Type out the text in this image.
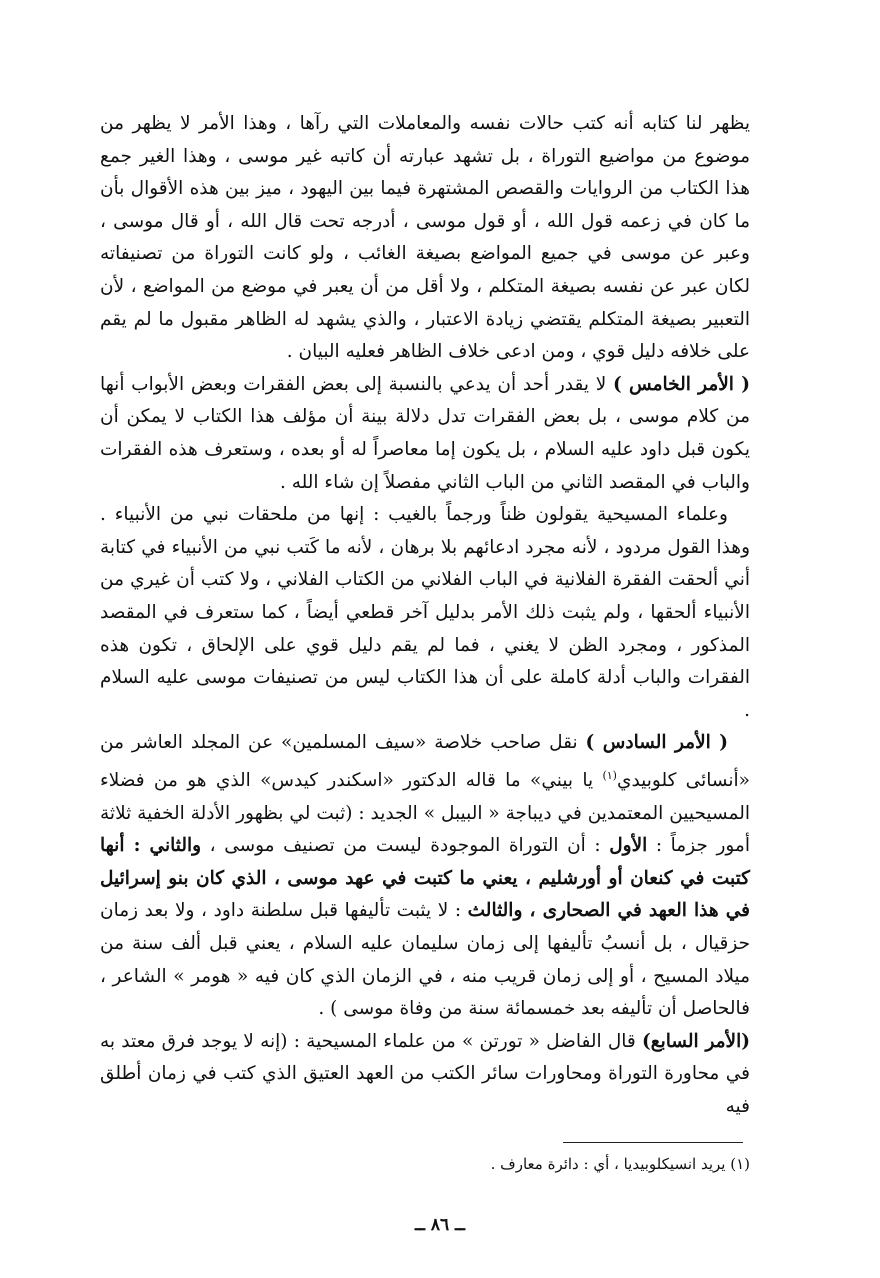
يظهر لنا كتابه أنه كتب حالات نفسه والمعاملات التي رآها ، وهذا الأمر لا يظهر من موضوع من مواضيع التوراة ، بل تشهد عبارته أن كاتبه غير موسى ، وهذا الغير جمع هذا الكتاب من الروايات والقصص المشتهرة فيما بين اليهود ، ميز بين هذه الأقوال بأن ما كان في زعمه قول الله ، أو قول موسى ، أدرجه تحت قال الله ، أو قال موسى ، وعبر عن موسى في جميع المواضع بصيغة الغائب ، ولو كانت التوراة من تصنيفاته لكان عبر عن نفسه بصيغة المتكلم ، ولا أقل من أن يعبر في موضع من المواضع ، لأن التعبير بصيغة المتكلم يقتضي زيادة الاعتبار ، والذي يشهد له الظاهر مقبول ما لم يقم على خلافه دليل قوي ، ومن ادعى خلاف الظاهر فعليه البيان .

( الأمر الخامس ) لا يقدر أحد أن يدعي بالنسبة إلى بعض الفقرات وبعض الأبواب أنها من كلام موسى ، بل بعض الفقرات تدل دلالة بينة أن مؤلف هذا الكتاب لا يمكن أن يكون قبل داود عليه السلام ، بل يكون إما معاصراً له أو بعده ، وستعرف هذه الفقرات والباب في المقصد الثاني من الباب الثاني مفصلاً إن شاء الله .

وعلماء المسيحية يقولون ظناً ورجماً بالغيب : إنها من ملحقات نبي من الأنبياء . وهذا القول مردود ، لأنه مجرد ادعائهم بلا برهان ، لأنه ما كَتب نبي من الأنبياء في كتابة أني ألحقت الفقرة الفلانية في الباب الفلاني من الكتاب الفلاني ، ولا كتب أن غيري من الأنبياء ألحقها ، ولم يثبت ذلك الأمر بدليل آخر قطعي أيضاً ، كما ستعرف في المقصد المذكور ، ومجرد الظن لا يغني ، فما لم يقم دليل قوي على الإلحاق ، تكون هذه الفقرات والباب أدلة كاملة على أن هذا الكتاب ليس من تصنيفات موسى عليه السلام .

( الأمر السادس ) نقل صاحب خلاصة «سيف المسلمين» عن المجلد العاشر من «أنسائى كلوبيدي$^{(١)}$ يا بيني» ما قاله الدكتور «اسكندر كيدس» الذي هو من فضلاء المسيحيين المعتمدين في ديباجة « البيبل » الجديد : (ثبت لي بظهور الأدلة الخفية ثلاثة أمور جزماً : الأول : أن التوراة الموجودة ليست من تصنيف موسى ، والثاني : أنها كتبت في كنعان أو أورشليم ، يعني ما كتبت في عهد موسى ، الذي كان بنو إسرائيل في هذا العهد في الصحارى ، والثالث : لا يثبت تأليفها قبل سلطنة داود ، ولا بعد زمان حزقيال ، بل أنسبُ تأليفها إلى زمان سليمان عليه السلام ، يعني قبل ألف سنة من ميلاد المسيح ، أو إلى زمان قريب منه ، في الزمان الذي كان فيه « هومر » الشاعر ، فالحاصل أن تأليفه بعد خمسمائة سنة من وفاة موسى ) .

(الأمر السابع) قال الفاضل « تورتن » من علماء المسيحية : (إنه لا يوجد فرق معتد به في محاورة التوراة ومحاورات سائر الكتب من العهد العتيق الذي كتب في زمان أطلق فيه

(١) يريد انسيكلوبيديا ، أي : دائرة معارف .
ــ ٨٦ ــ
